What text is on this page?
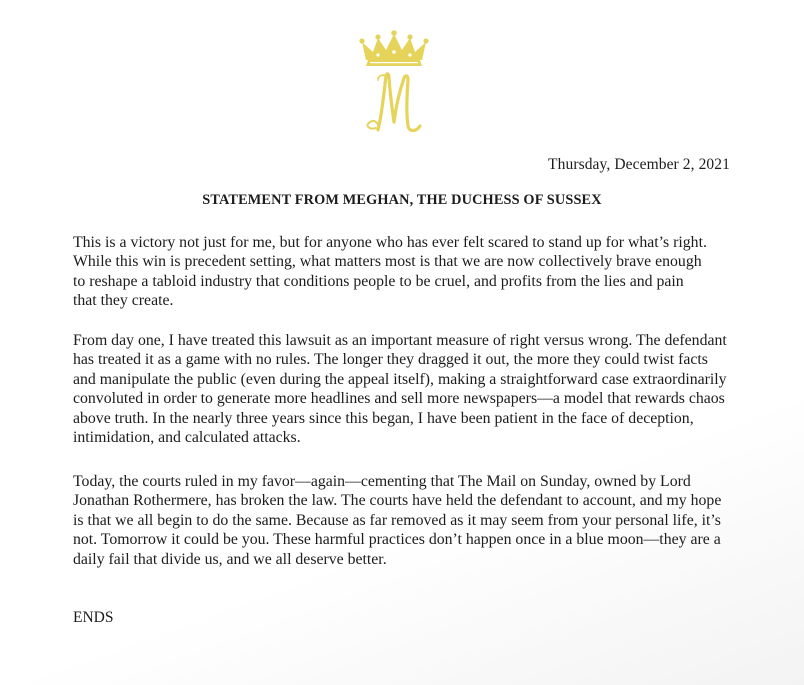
Thursday, December 2, 2021
STATEMENT FROM MEGHAN, THE DUCHESS OF SUSSEX

This is a victory not just for me, but for anyone who has ever felt scared to stand up for what’s right. While this win is precedent setting, what matters most is that we are now collectively brave enough to reshape a tabloid industry that conditions people to be cruel, and profits from the lies and pain that they create.

From day one, I have treated this lawsuit as an important measure of right versus wrong. The defendant has treated it as a game with no rules. The longer they dragged it out, the more they could twist facts and manipulate the public (even during the appeal itself), making a straightforward case extraordinarily convoluted in order to generate more headlines and sell more newspapers—a model that rewards chaos above truth. In the nearly three years since this began, I have been patient in the face of deception, intimidation, and calculated attacks.

Today, the courts ruled in my favor—again—cementing that The Mail on Sunday, owned by Lord Jonathan Rothermere, has broken the law. The courts have held the defendant to account, and my hope is that we all begin to do the same. Because as far removed as it may seem from your personal life, it’s not. Tomorrow it could be you. These harmful practices don’t happen once in a blue moon—they are a daily fail that divide us, and we all deserve better.

ENDS
